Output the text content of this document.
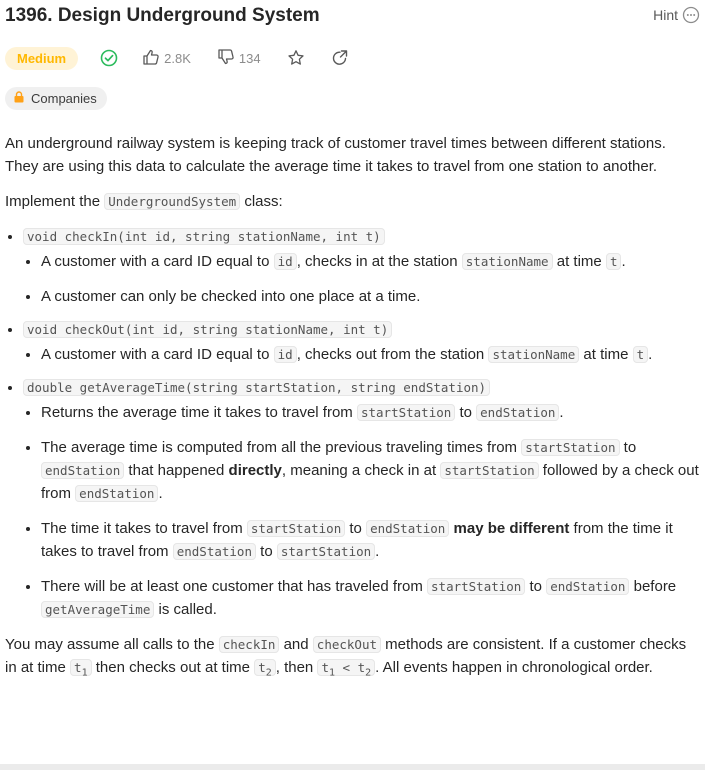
1396. Design Underground System	Hint
Medium	2.8K	134
Companies

An underground railway system is keeping track of customer travel times between different stations. They are using this data to calculate the average time it takes to travel from one station to another.

Implement the UndergroundSystem class:

• void checkIn(int id, string stationName, int t)
• A customer with a card ID equal to id , checks in at the station stationName at time t .
• A customer can only be checked into one place at a time.
• void checkOut(int id, string stationName, int t)
• A customer with a card ID equal to id , checks out from the station stationName at time t .
• double getAverageTime(string startStation, string endStation)
• Returns the average time it takes to travel from startStation to endStation .
• The average time is computed from all the previous traveling times from startStation to endStation that happened directly, meaning a check in at startStation followed by a check out from endStation .
• The time it takes to travel from startStation to endStation may be different from the time it takes to travel from endStation to startStation .
• There will be at least one customer that has traveled from startStation to endStation before getAverageTime is called.

You may assume all calls to the checkIn and checkOut methods are consistent. If a customer checks in at time $t_1$ then checks out at time $t_2$ , then $t_1 < t_2$ . All events happen in chronological order.
